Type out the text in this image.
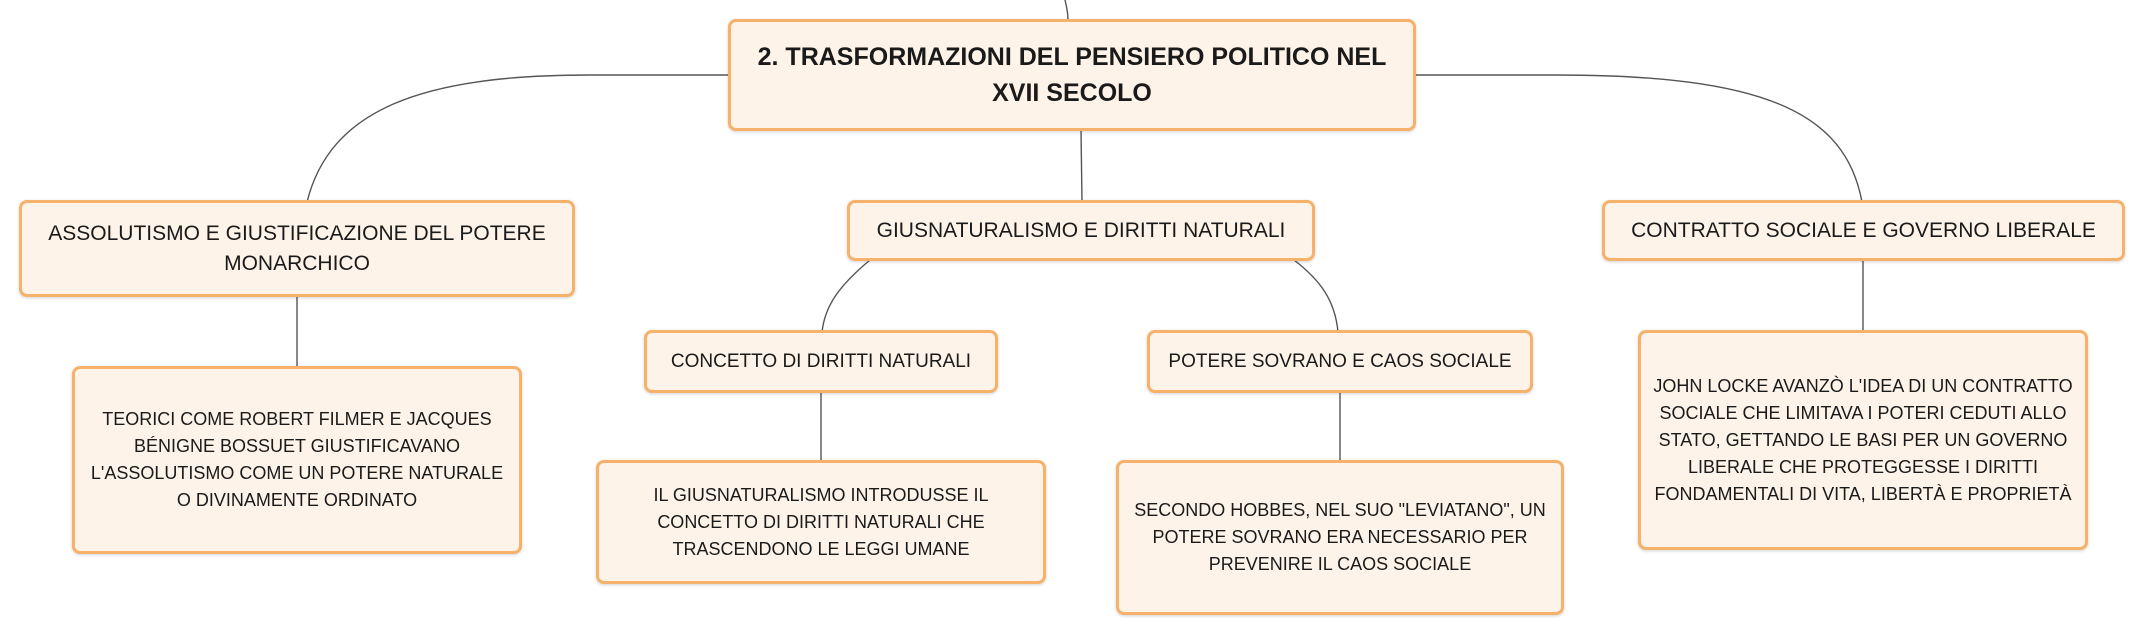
2. TRASFORMAZIONI DEL PENSIERO POLITICO NEL XVII SECOLO
ASSOLUTISMO E GIUSTIFICAZIONE DEL POTERE MONARCHICO
GIUSNATURALISMO E DIRITTI NATURALI	CONTRATTO SOCIALE E GOVERNO LIBERALE
TEORICI COME ROBERT FILMER E JACQUES BÉNIGNE BOSSUET GIUSTIFICAVANO L'ASSOLUTISMO COME UN POTERE NATURALE O DIVINAMENTE ORDINATO
CONCETTO DI DIRITTI NATURALI	POTERE SOVRANO E CAOS SOCIALE
IL GIUSNATURALISMO INTRODUSSE IL CONCETTO DI DIRITTI NATURALI CHE TRASCENDONO LE LEGGI UMANE
SECONDO HOBBES, NEL SUO "LEVIATANO", UN POTERE SOVRANO ERA NECESSARIO PER PREVENIRE IL CAOS SOCIALE
JOHN LOCKE AVANZÒ L'IDEA DI UN CONTRATTO SOCIALE CHE LIMITAVA I POTERI CEDUTI ALLO STATO, GETTANDO LE BASI PER UN GOVERNO LIBERALE CHE PROTEGGESSE I DIRITTI FONDAMENTALI DI VITA, LIBERTÀ E PROPRIETÀ
